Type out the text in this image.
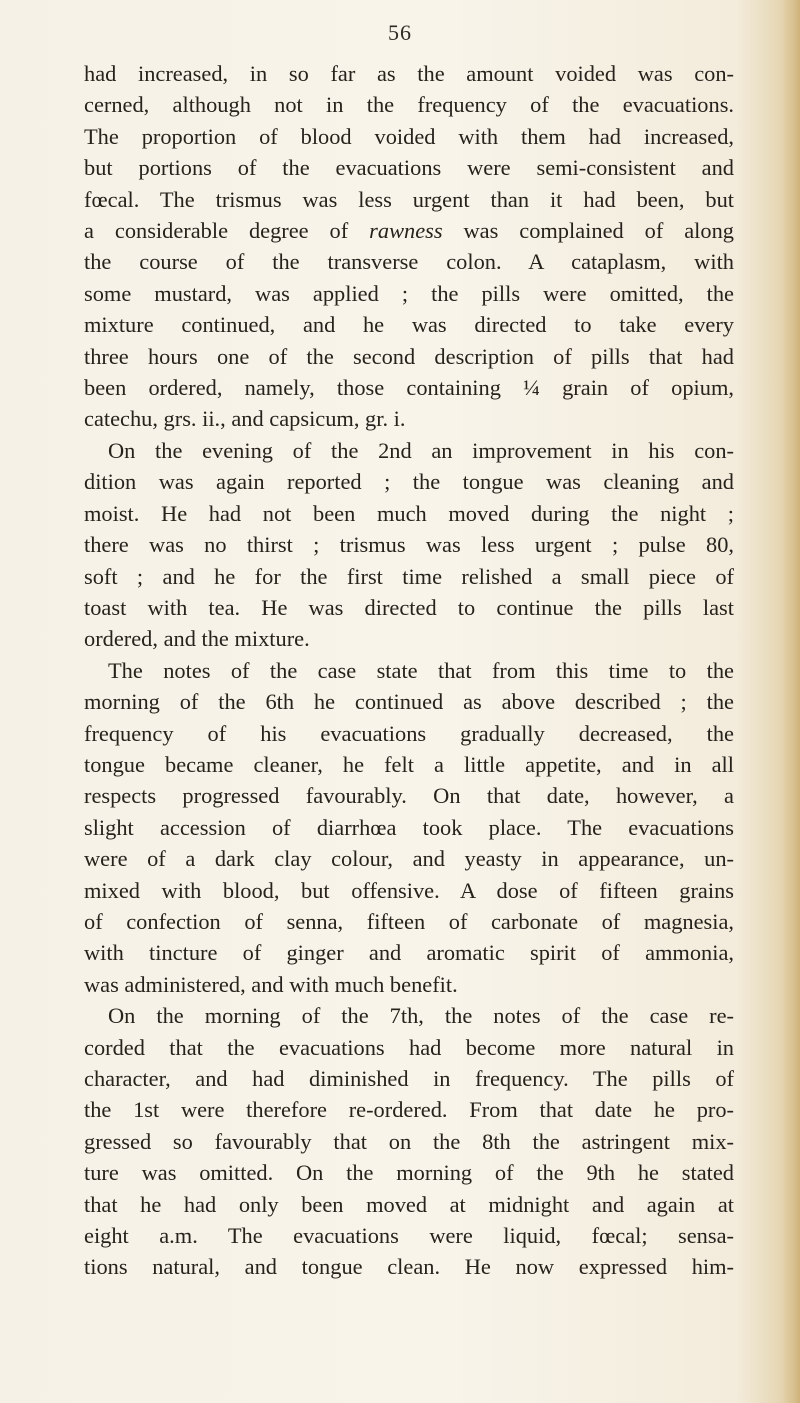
56
had increased, in so far as the amount voided was con-
cerned, although not in the frequency of the evacuations.
The proportion of blood voided with them had increased,
but portions of the evacuations were semi-consistent and
fœcal. The trismus was less urgent than it had been, but
a considerable degree of rawness was complained of along
the course of the transverse colon. A cataplasm, with
some mustard, was applied ; the pills were omitted, the
mixture continued, and he was directed to take every
three hours one of the second description of pills that had
been ordered, namely, those containing ¼ grain of opium,
catechu, grs. ii., and capsicum, gr. i.
On the evening of the 2nd an improvement in his con-
dition was again reported ; the tongue was cleaning and
moist. He had not been much moved during the night ;
there was no thirst ; trismus was less urgent ; pulse 80,
soft ; and he for the first time relished a small piece of
toast with tea. He was directed to continue the pills last
ordered, and the mixture.
The notes of the case state that from this time to the
morning of the 6th he continued as above described ; the
frequency of his evacuations gradually decreased, the
tongue became cleaner, he felt a little appetite, and in all
respects progressed favourably. On that date, however, a
slight accession of diarrhœa took place. The evacuations
were of a dark clay colour, and yeasty in appearance, un-
mixed with blood, but offensive. A dose of fifteen grains
of confection of senna, fifteen of carbonate of magnesia,
with tincture of ginger and aromatic spirit of ammonia,
was administered, and with much benefit.
On the morning of the 7th, the notes of the case re-
corded that the evacuations had become more natural in
character, and had diminished in frequency. The pills of
the 1st were therefore re-ordered. From that date he pro-
gressed so favourably that on the 8th the astringent mix-
ture was omitted. On the morning of the 9th he stated
that he had only been moved at midnight and again at
eight a.m. The evacuations were liquid, fœcal; sensa-
tions natural, and tongue clean. He now expressed him-
